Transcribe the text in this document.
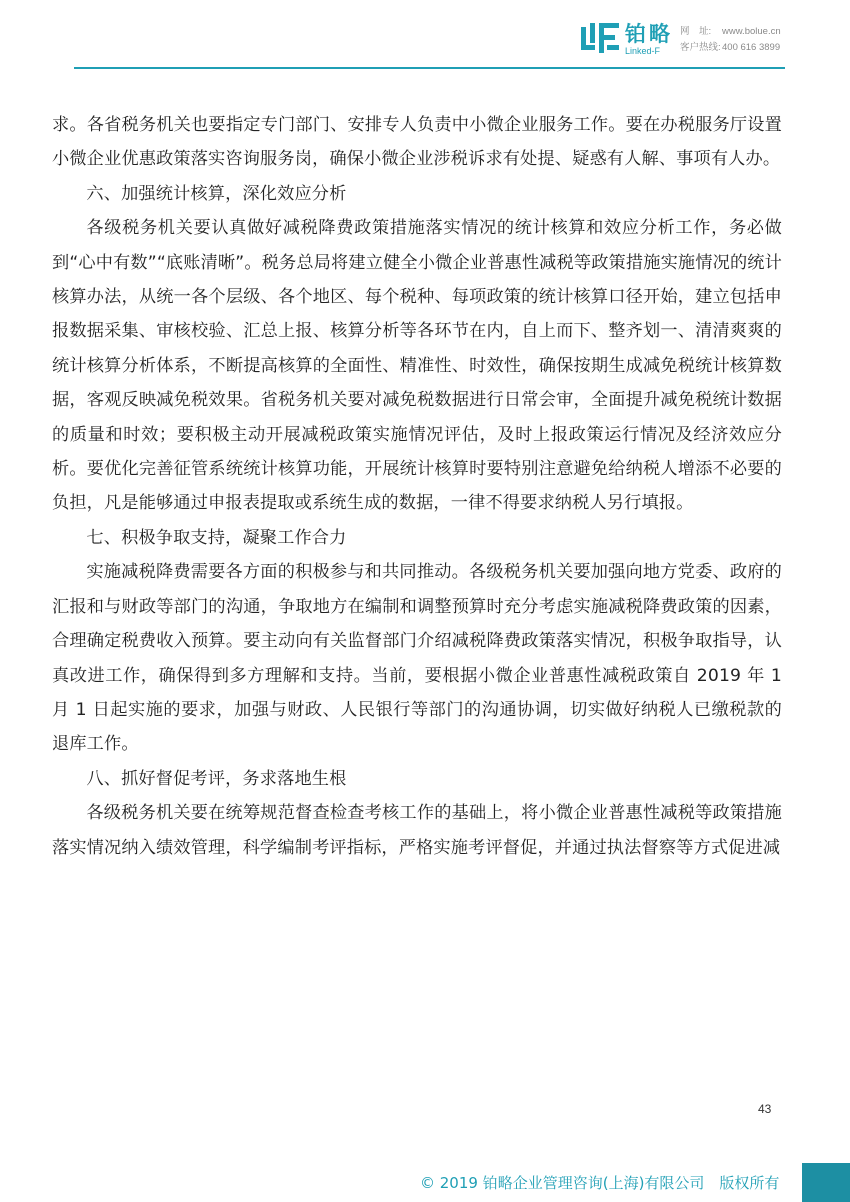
铂略
Linked-F
网　址: www.bolue.cn
客户热线:400 616 3899

求。各省税务机关也要指定专门部门、安排专人负责中小微企业服务工作。要在办税服务厅设置小微企业优惠政策落实咨询服务岗，确保小微企业涉税诉求有处提、疑惑有人解、事项有人办。

六、加强统计核算，深化效应分析

各级税务机关要认真做好减税降费政策措施落实情况的统计核算和效应分析工作，务必做到“心中有数”“底账清晰”。税务总局将建立健全小微企业普惠性减税等政策措施实施情况的统计核算办法，从统一各个层级、各个地区、每个税种、每项政策的统计核算口径开始，建立包括申报数据采集、审核校验、汇总上报、核算分析等各环节在内，自上而下、整齐划一、清清爽爽的统计核算分析体系，不断提高核算的全面性、精准性、时效性，确保按期生成减免税统计核算数据，客观反映减免税效果。省税务机关要对减免税数据进行日常会审，全面提升减免税统计数据的质量和时效；要积极主动开展减税政策实施情况评估，及时上报政策运行情况及经济效应分析。要优化完善征管系统统计核算功能，开展统计核算时要特别注意避免给纳税人增添不必要的负担，凡是能够通过申报表提取或系统生成的数据，一律不得要求纳税人另行填报。

七、积极争取支持，凝聚工作合力

实施减税降费需要各方面的积极参与和共同推动。各级税务机关要加强向地方党委、政府的汇报和与财政等部门的沟通，争取地方在编制和调整预算时充分考虑实施减税降费政策的因素，合理确定税费收入预算。要主动向有关监督部门介绍减税降费政策落实情况，积极争取指导，认真改进工作，确保得到多方理解和支持。当前，要根据小微企业普惠性减税政策自 2019 年 1 月 1 日起实施的要求，加强与财政、人民银行等部门的沟通协调，切实做好纳税人已缴税款的退库工作。

八、抓好督促考评，务求落地生根

各级税务机关要在统筹规范督查检查考核工作的基础上，将小微企业普惠性减税等政策措施落实情况纳入绩效管理，科学编制考评指标，严格实施考评督促，并通过执法督察等方式促进减

43
© 2019 铂略企业管理咨询(上海)有限公司　版权所有
